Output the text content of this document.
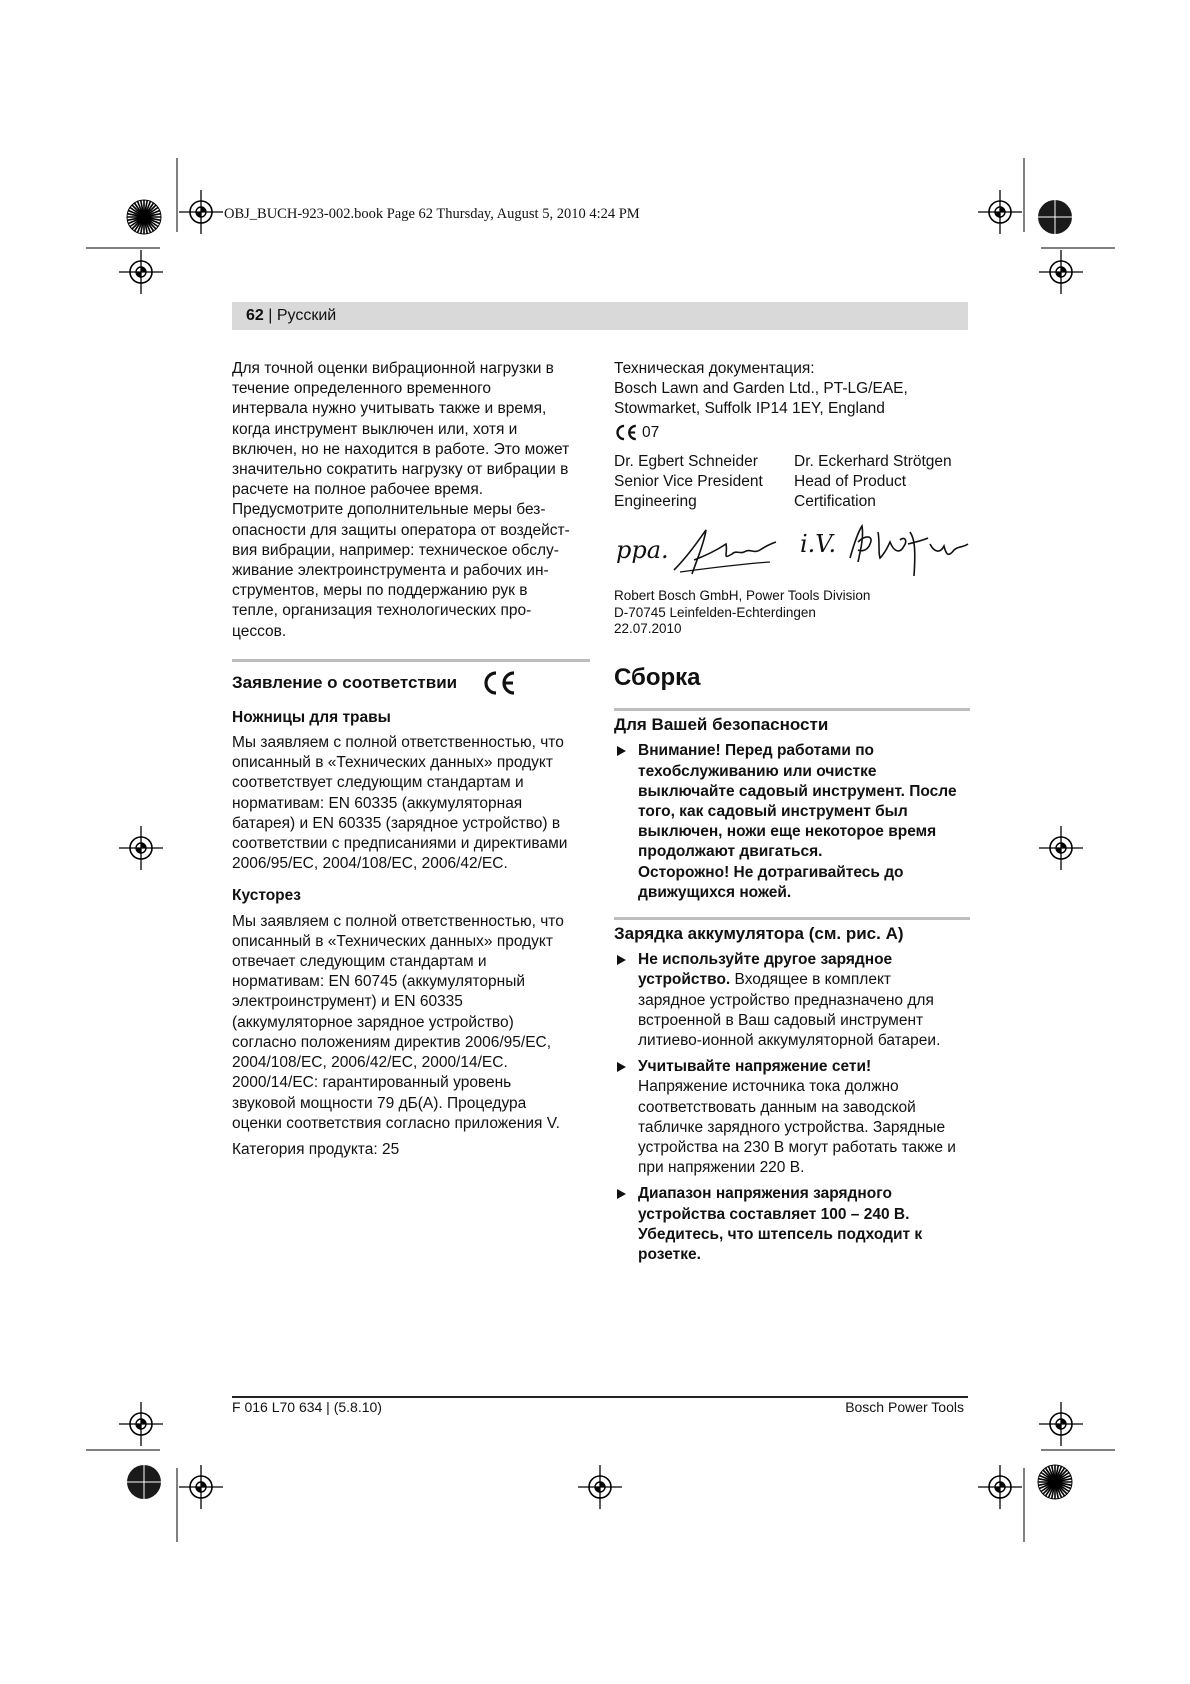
OBJ_BUCH-923-002.book Page 62 Thursday, August 5, 2010 4:24 PM
62 | Русский

Для точной оценки вибрационной нагрузки в

течение определенного временного

интервала нужно учитывать также и время,

когда инструмент выключен или, хотя и

включен, но не находится в работе. Это может

значительно сократить нагрузку от вибрации в

расчете на полное рабочее время.

Предусмотрите дополнительные меры без-

опасности для защиты оператора от воздейст-

вия вибрации, например: техническое обслу-

живание электроинструмента и рабочих ин-

струментов, меры по поддержанию рук в

тепле, организация технологических про-

цессов.

Заявление о соответствии
Ножницы для травы

Мы заявляем с полной ответственностью, что

описанный в «Технических данных» продукт

соответствует следующим стандартам и

нормативам: EN 60335 (аккумуляторная

батарея) и EN 60335 (зарядное устройство) в

соответствии с предписаниями и директивами

2006/95/EC, 2004/108/EC, 2006/42/EC.

Кусторез

Мы заявляем с полной ответственностью, что

описанный в «Технических данных» продукт

отвечает следующим стандартам и

нормативам: EN 60745 (аккумуляторный

электроинструмент) и EN 60335

(аккумуляторное зарядное устройство)

согласно положениям директив 2006/95/EC,

2004/108/EC, 2006/42/EC, 2000/14/EC.

2000/14/EC: гарантированный уровень

звуковой мощности 79 дБ(A). Процедура

оценки соответствия согласно приложения V.

Категория продукта: 25

Техническая документация:

Bosch Lawn and Garden Ltd., PT-LG/EAE,

Stowmarket, Suffolk IP14 1EY, England

07

Dr. Egbert Schneider

Senior Vice President

Engineering

Dr. Eckerhard Strötgen

Head of Product

Certification

ppa.	i.V.

Robert Bosch GmbH, Power Tools Division

D-70745 Leinfelden-Echterdingen

22.07.2010

Сборка
Для Вашей безопасности

Внимание! Перед работами по

техобслуживанию или очистке

выключайте садовый инструмент. После

того, как садовый инструмент был

выключен, ножи еще некоторое время

продолжают двигаться.

Осторожно! Не дотрагивайтесь до

движущихся ножей.

Зарядка аккумулятора (см. рис. А)

Не используйте другое зарядное

устройство. Входящее в комплект

зарядное устройство предназначено для

встроенной в Ваш садовый инструмент

литиево-ионной аккумуляторной батареи.

Учитывайте напряжение сети!

Напряжение источника тока должно

соответствовать данным на заводской

табличке зарядного устройства. Зарядные

устройства на 230 В могут работать также и

при напряжении 220 В.

Диапазон напряжения зарядного

устройства составляет 100 – 240 В.

Убедитесь, что штепсель подходит к

розетке.

F 016 L70 634 | (5.8.10)	Bosch Power Tools
